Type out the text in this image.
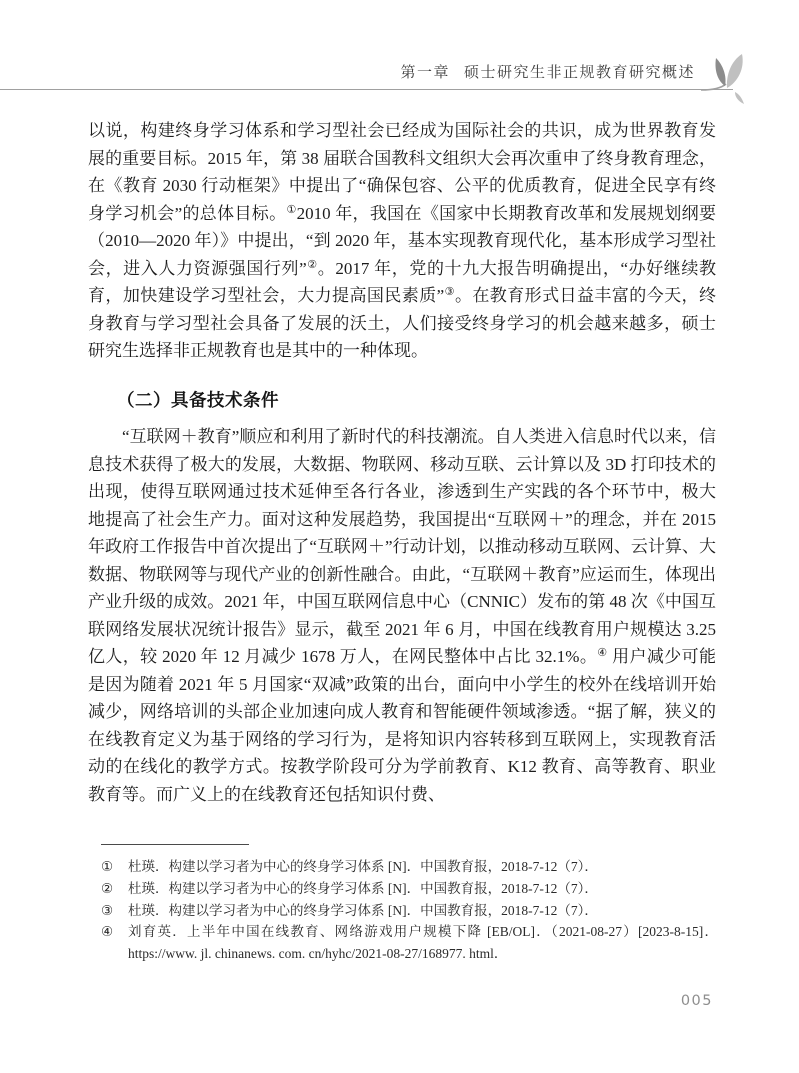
第一章 硕士研究生非正规教育研究概述

以说，构建终身学习体系和学习型社会已经成为国际社会的共识，成为世界教育发展的重要目标。2015 年，第 38 届联合国教科文组织大会再次重申了终身教育理念，在《教育 2030 行动框架》中提出了“确保包容、公平的优质教育，促进全民享有终身学习机会”的总体目标。①2010 年，我国在《国家中长期教育改革和发展规划纲要（2010—2020 年）》中提出，“到 2020 年，基本实现教育现代化，基本形成学习型社会，进入人力资源强国行列”②。2017 年，党的十九大报告明确提出，“办好继续教育，加快建设学习型社会，大力提高国民素质”③。在教育形式日益丰富的今天，终身教育与学习型社会具备了发展的沃土，人们接受终身学习的机会越来越多，硕士研究生选择非正规教育也是其中的一种体现。

（二）具备技术条件

“互联网＋教育”顺应和利用了新时代的科技潮流。自人类进入信息时代以来，信息技术获得了极大的发展，大数据、物联网、移动互联、云计算以及 3D 打印技术的出现，使得互联网通过技术延伸至各行各业，渗透到生产实践的各个环节中，极大地提高了社会生产力。面对这种发展趋势，我国提出“互联网＋”的理念，并在 2015 年政府工作报告中首次提出了“互联网＋”行动计划，以推动移动互联网、云计算、大数据、物联网等与现代产业的创新性融合。由此，“互联网＋教育”应运而生，体现出产业升级的成效。2021 年，中国互联网信息中心（CNNIC）发布的第 48 次《中国互联网络发展状况统计报告》显示，截至 2021 年 6 月，中国在线教育用户规模达 3.25 亿人，较 2020 年 12 月减少 1678 万人，在网民整体中占比 32.1%。④ 用户减少可能是因为随着 2021 年 5 月国家“双减”政策的出台，面向中小学生的校外在线培训开始减少，网络培训的头部企业加速向成人教育和智能硬件领域渗透。“据了解，狭义的在线教育定义为基于网络的学习行为，是将知识内容转移到互联网上，实现教育活动的在线化的教学方式。按教学阶段可分为学前教育、K12 教育、高等教育、职业教育等。而广义上的在线教育还包括知识付费、

①	杜瑛．构建以学习者为中心的终身学习体系 [N]．中国教育报，2018-7-12（7）．
②	杜瑛．构建以学习者为中心的终身学习体系 [N]．中国教育报，2018-7-12（7）．
③	杜瑛．构建以学习者为中心的终身学习体系 [N]．中国教育报，2018-7-12（7）．
④	刘育英．上半年中国在线教育、网络游戏用户规模下降 [EB/OL]．（2021-08-27）[2023-8-15]．https://www. jl. chinanews. com. cn/hyhc/2021-08-27/168977. html．
005
